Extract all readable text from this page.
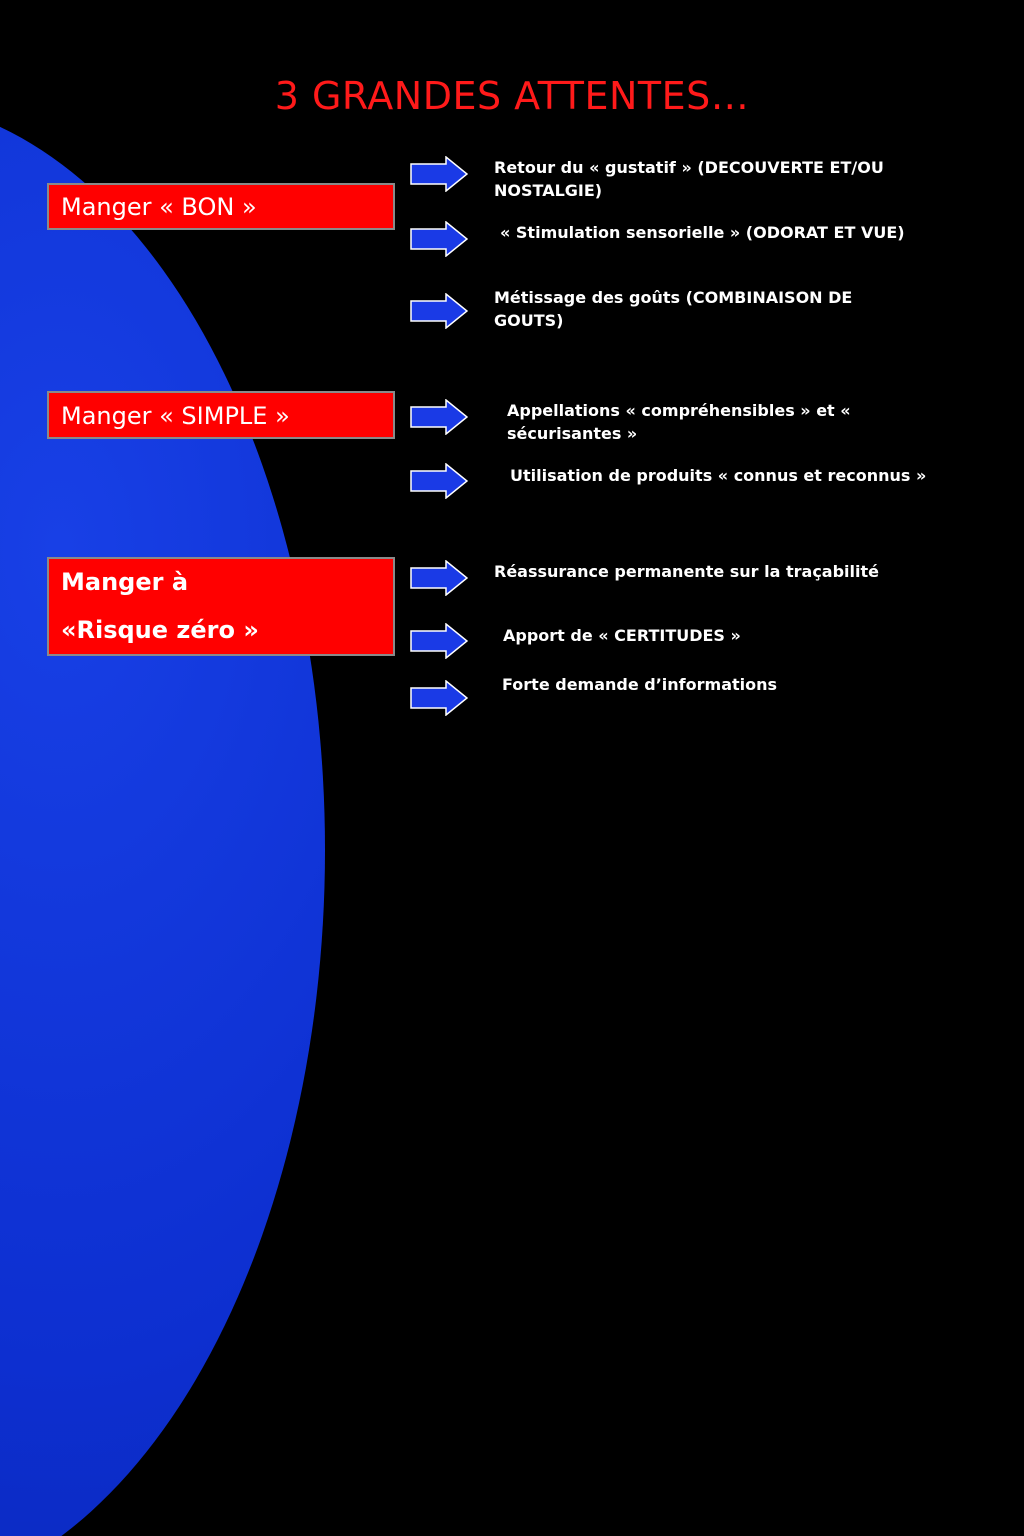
3 GRANDES ATTENTES…
Manger « BON »
Retour du « gustatif » (DECOUVERTE ET/OU NOSTALGIE)
« Stimulation sensorielle » (ODORAT ET VUE)
Métissage des goûts (COMBINAISON DE GOUTS)
Manger « SIMPLE »	Appellations « compréhensibles » et « sécurisantes »
Utilisation de produits « connus et reconnus »
Manger à
«Risque zéro »
Réassurance permanente sur la traçabilité
Apport de « CERTITUDES »
Forte demande d’informations
